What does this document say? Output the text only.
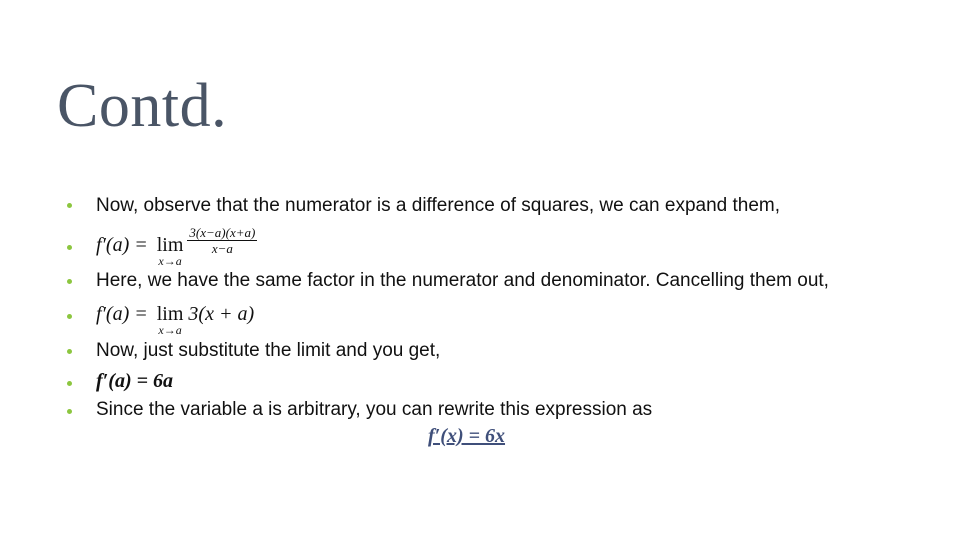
Contd.
Now, observe that the numerator is a difference of squares, we can expand them,
f′(a) = lim
x→a
$\frac{3(x-a)(x+a)}{x-a}$
Here, we have the same factor in the numerator and denominator. Cancelling them out,
f′(a) = lim
x→a
3(x + a)
Now, just substitute the limit and you get,
f′(a) = 6a
Since the variable a is arbitrary, you can rewrite this expression as
f′(x) = 6x
